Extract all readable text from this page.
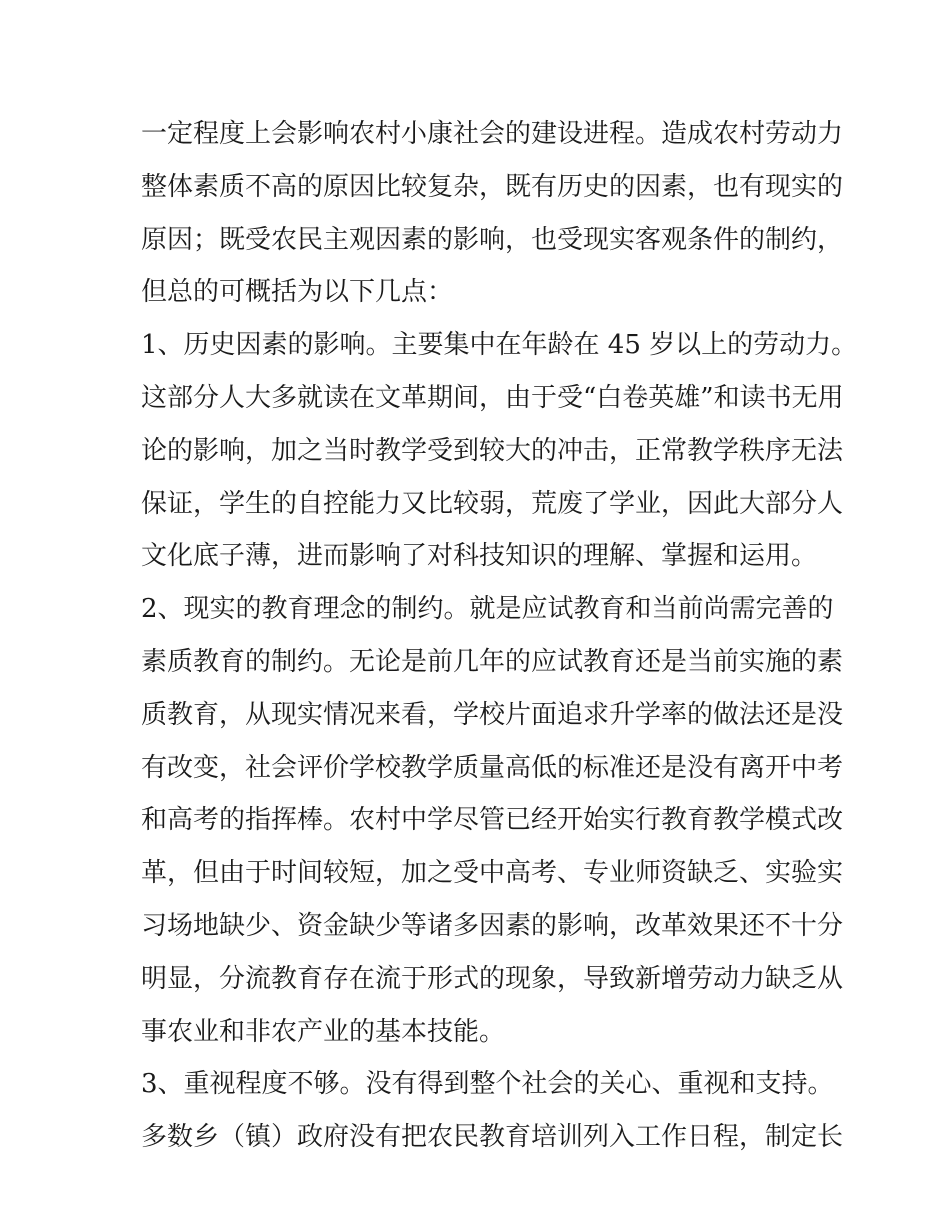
一定程度上会影响农村小康社会的建设进程。造成农村劳动力
整体素质不高的原因比较复杂，既有历史的因素，也有现实的
原因；既受农民主观因素的影响，也受现实客观条件的制约，
但总的可概括为以下几点：
1、历史因素的影响。主要集中在年龄在 45 岁以上的劳动力。
这部分人大多就读在文革期间，由于受“白卷英雄”和读书无用
论的影响，加之当时教学受到较大的冲击，正常教学秩序无法
保证，学生的自控能力又比较弱，荒废了学业，因此大部分人
文化底子薄，进而影响了对科技知识的理解、掌握和运用。
2、现实的教育理念的制约。就是应试教育和当前尚需完善的
素质教育的制约。无论是前几年的应试教育还是当前实施的素
质教育，从现实情况来看，学校片面追求升学率的做法还是没
有改变，社会评价学校教学质量高低的标准还是没有离开中考
和高考的指挥棒。农村中学尽管已经开始实行教育教学模式改
革，但由于时间较短，加之受中高考、专业师资缺乏、实验实
习场地缺少、资金缺少等诸多因素的影响，改革效果还不十分
明显，分流教育存在流于形式的现象，导致新增劳动力缺乏从
事农业和非农产业的基本技能。
3、重视程度不够。没有得到整个社会的关心、重视和支持。
多数乡（镇）政府没有把农民教育培训列入工作日程，制定长
